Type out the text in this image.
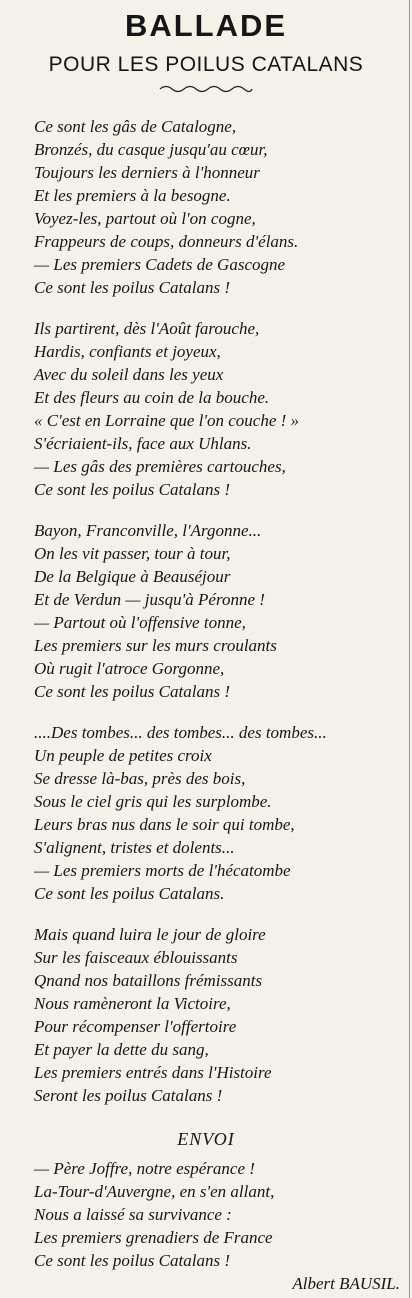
BALLADE
POUR LES POILUS CATALANS
Ce sont les gâs de Catalogne,
Bronzés, du casque jusqu'au cœur,
Toujours les derniers à l'honneur
Et les premiers à la besogne.
Voyez-les, partout où l'on cogne,
Frappeurs de coups, donneurs d'élans.
— Les premiers Cadets de Gascogne
Ce sont les poilus Catalans !
Ils partirent, dès l'Août farouche,
Hardis, confiants et joyeux,
Avec du soleil dans les yeux
Et des fleurs au coin de la bouche.
« C'est en Lorraine que l'on couche ! »
S'écriaient-ils, face aux Uhlans.
— Les gâs des premières cartouches,
Ce sont les poilus Catalans !
Bayon, Franconville, l'Argonne...
On les vit passer, tour à tour,
De la Belgique à Beauséjour
Et de Verdun — jusqu'à Péronne !
— Partout où l'offensive tonne,
Les premiers sur les murs croulants
Où rugit l'atroce Gorgonne,
Ce sont les poilus Catalans !
....Des tombes... des tombes... des tombes...
Un peuple de petites croix
Se dresse là-bas, près des bois,
Sous le ciel gris qui les surplombe.
Leurs bras nus dans le soir qui tombe,
S'alignent, tristes et dolents...
— Les premiers morts de l'hécatombe
Ce sont les poilus Catalans.
Mais quand luira le jour de gloire
Sur les faisceaux éblouissants
Qnand nos bataillons frémissants
Nous ramèneront la Victoire,
Pour récompenser l'offertoire
Et payer la dette du sang,
Les premiers entrés dans l'Histoire
Seront les poilus Catalans !
ENVOI
— Père Joffre, notre espérance !
La-Tour-d'Auvergne, en s'en allant,
Nous a laissé sa survivance :
Les premiers grenadiers de France
Ce sont les poilus Catalans !
Albert BAUSIL.
